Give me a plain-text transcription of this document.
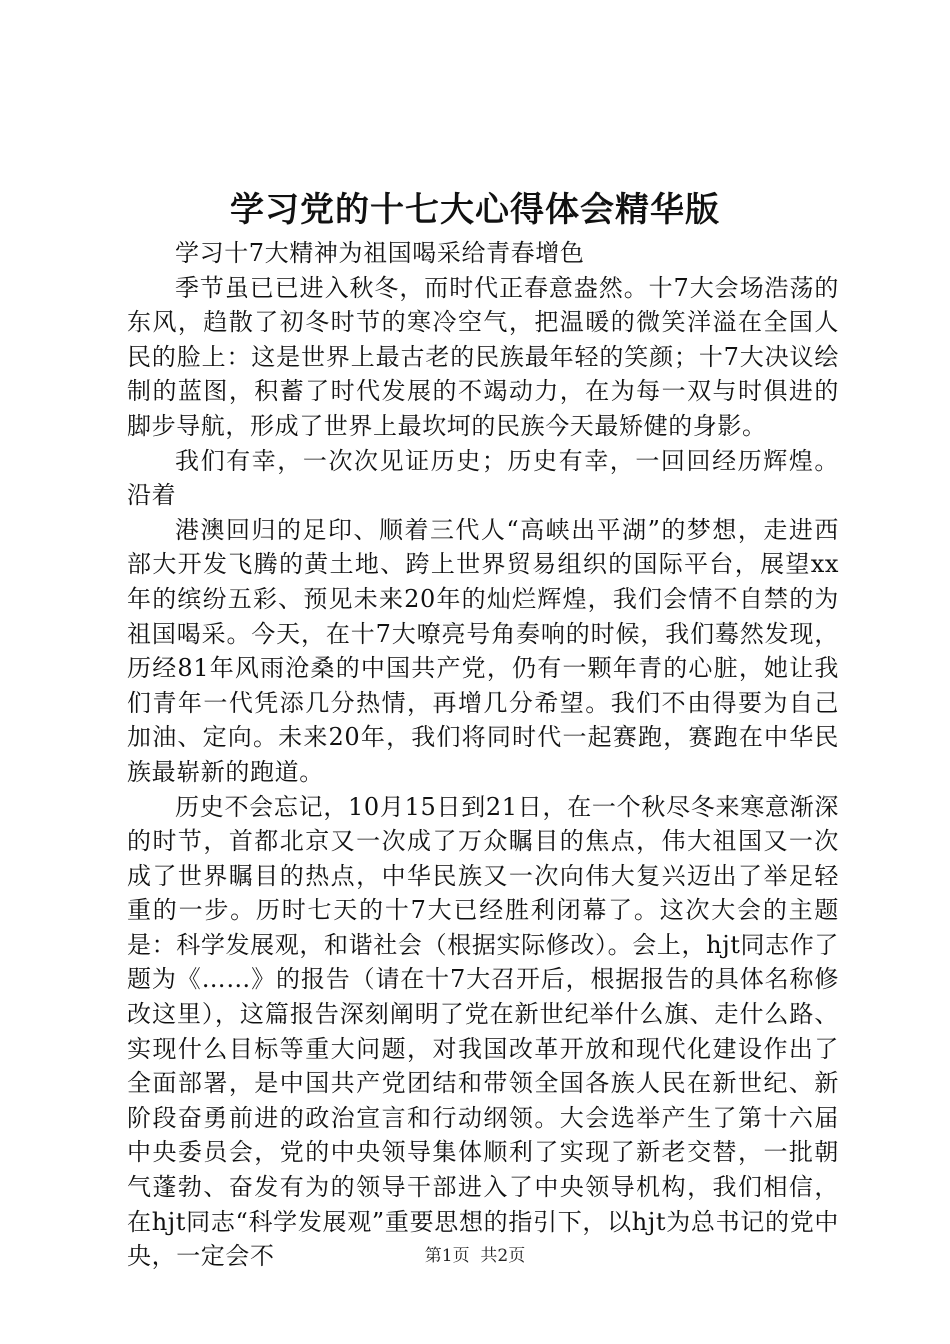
学习党的十七大心得体会精华版

学习十7大精神为祖国喝采给青春增色

季节虽已已进入秋冬，而时代正春意盎然。十7大会场浩荡的东风，趋散了初冬时节的寒冷空气，把温暖的微笑洋溢在全国人民的脸上：这是世界上最古老的民族最年轻的笑颜；十7大决议绘制的蓝图，积蓄了时代发展的不竭动力，在为每一双与时俱进的脚步导航，形成了世界上最坎坷的民族今天最矫健的身影。

我们有幸，一次次见证历史；历史有幸，一回回经历辉煌。沿着

港澳回归的足印、顺着三代人“高峡出平湖”的梦想，走进西部大开发飞腾的黄土地、跨上世界贸易组织的国际平台，展望xx年的缤纷五彩、预见未来20年的灿烂辉煌，我们会情不自禁的为祖国喝采。今天，在十7大嘹亮号角奏响的时候，我们蓦然发现，历经81年风雨沧桑的中国共产党，仍有一颗年青的心脏，她让我们青年一代凭添几分热情，再增几分希望。我们不由得要为自己加油、定向。未来20年，我们将同时代一起赛跑，赛跑在中华民族最崭新的跑道。

历史不会忘记，10月15日到21日，在一个秋尽冬来寒意渐深的时节，首都北京又一次成了万众瞩目的焦点，伟大祖国又一次成了世界瞩目的热点，中华民族又一次向伟大复兴迈出了举足轻重的一步。历时七天的十7大已经胜利闭幕了。这次大会的主题是：科学发展观，和谐社会（根据实际修改）。会上，hjt同志作了题为《……》的报告（请在十7大召开后，根据报告的具体名称修改这里），这篇报告深刻阐明了党在新世纪举什么旗、走什么路、实现什么目标等重大问题，对我国改革开放和现代化建设作出了全面部署，是中国共产党团结和带领全国各族人民在新世纪、新阶段奋勇前进的政治宣言和行动纲领。大会选举产生了第十六届中央委员会，党的中央领导集体顺利了实现了新老交替，一批朝气蓬勃、奋发有为的领导干部进入了中央领导机构，我们相信，在hjt同志“科学发展观”重要思想的指引下，以hjt为总书记的党中央，一定会不	第1页 共2页
